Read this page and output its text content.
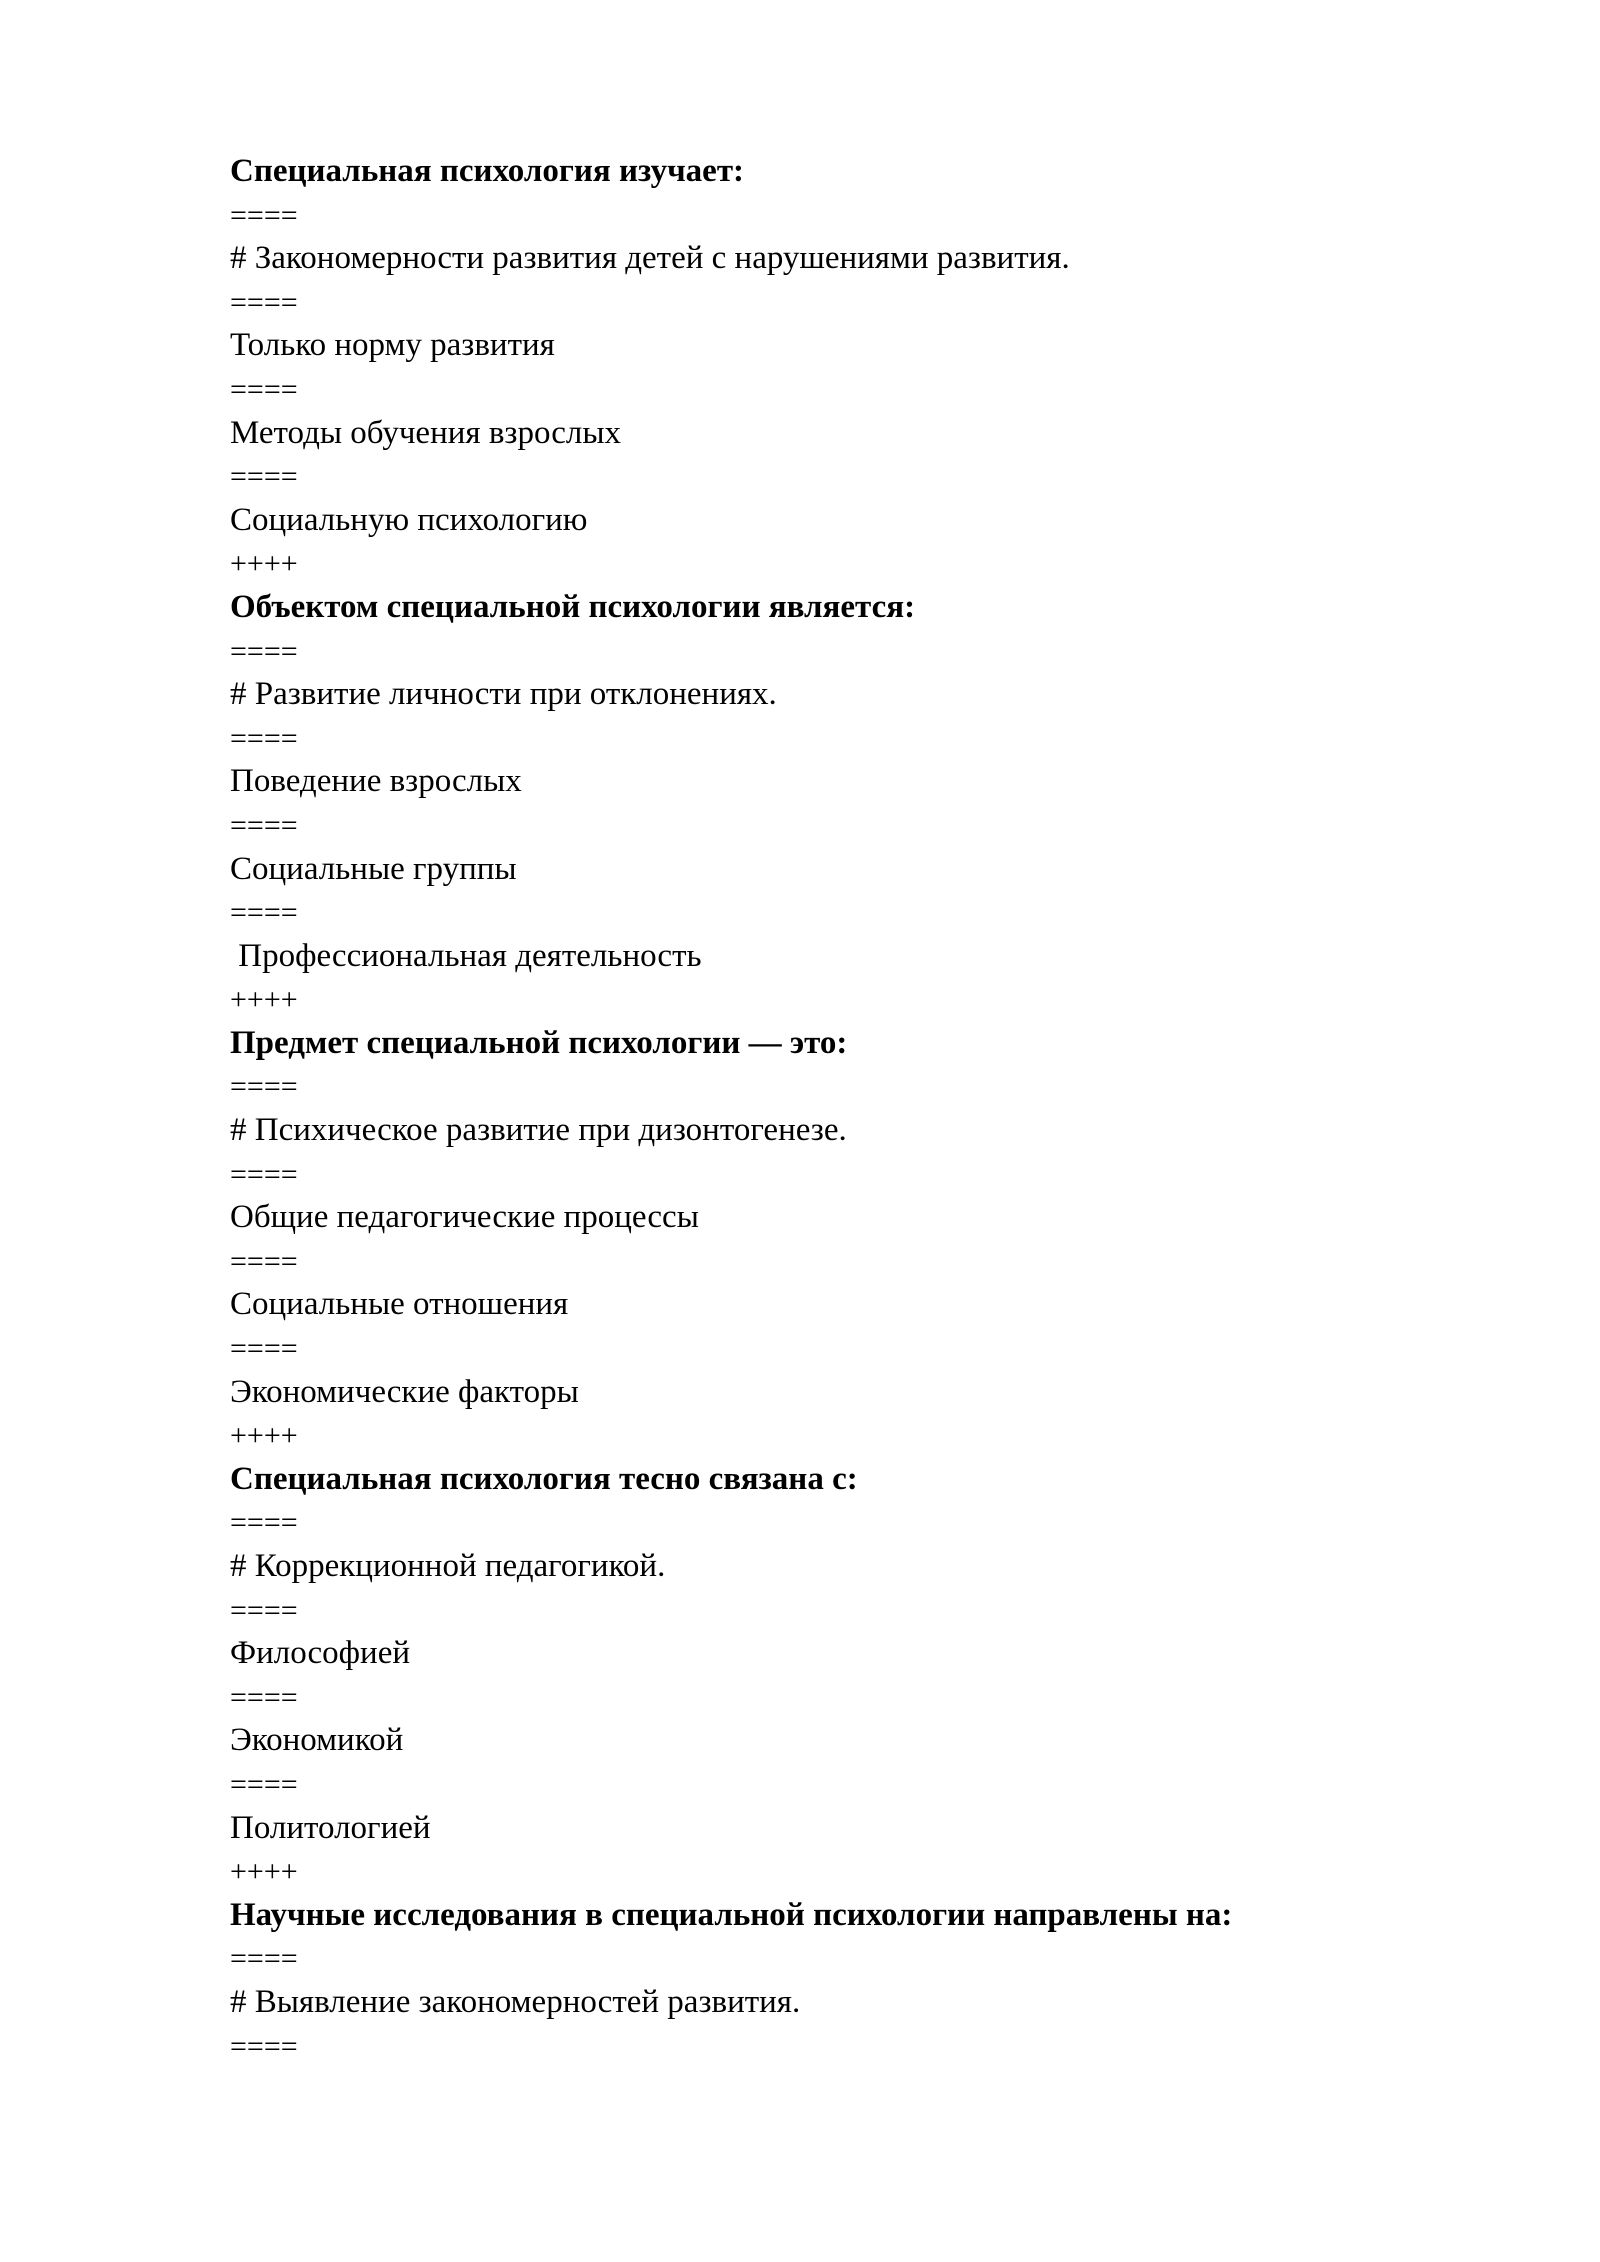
Специальная психология изучает:
====
# Закономерности развития детей с нарушениями развития.
====
Только норму развития
====
Методы обучения взрослых
====
Социальную психологию
++++
Объектом специальной психологии является:
====
# Развитие личности при отклонениях.
====
Поведение взрослых
====
Социальные группы
====
Профессиональная деятельность
++++
Предмет специальной психологии — это:
====
# Психическое развитие при дизонтогенезе.
====
Общие педагогические процессы
====
Социальные отношения
====
Экономические факторы
++++
Специальная психология тесно связана с:
====
# Коррекционной педагогикой.
====
Философией
====
Экономикой
====
Политологией
++++
Научные исследования в специальной психологии направлены на:
====
# Выявление закономерностей развития.
====
